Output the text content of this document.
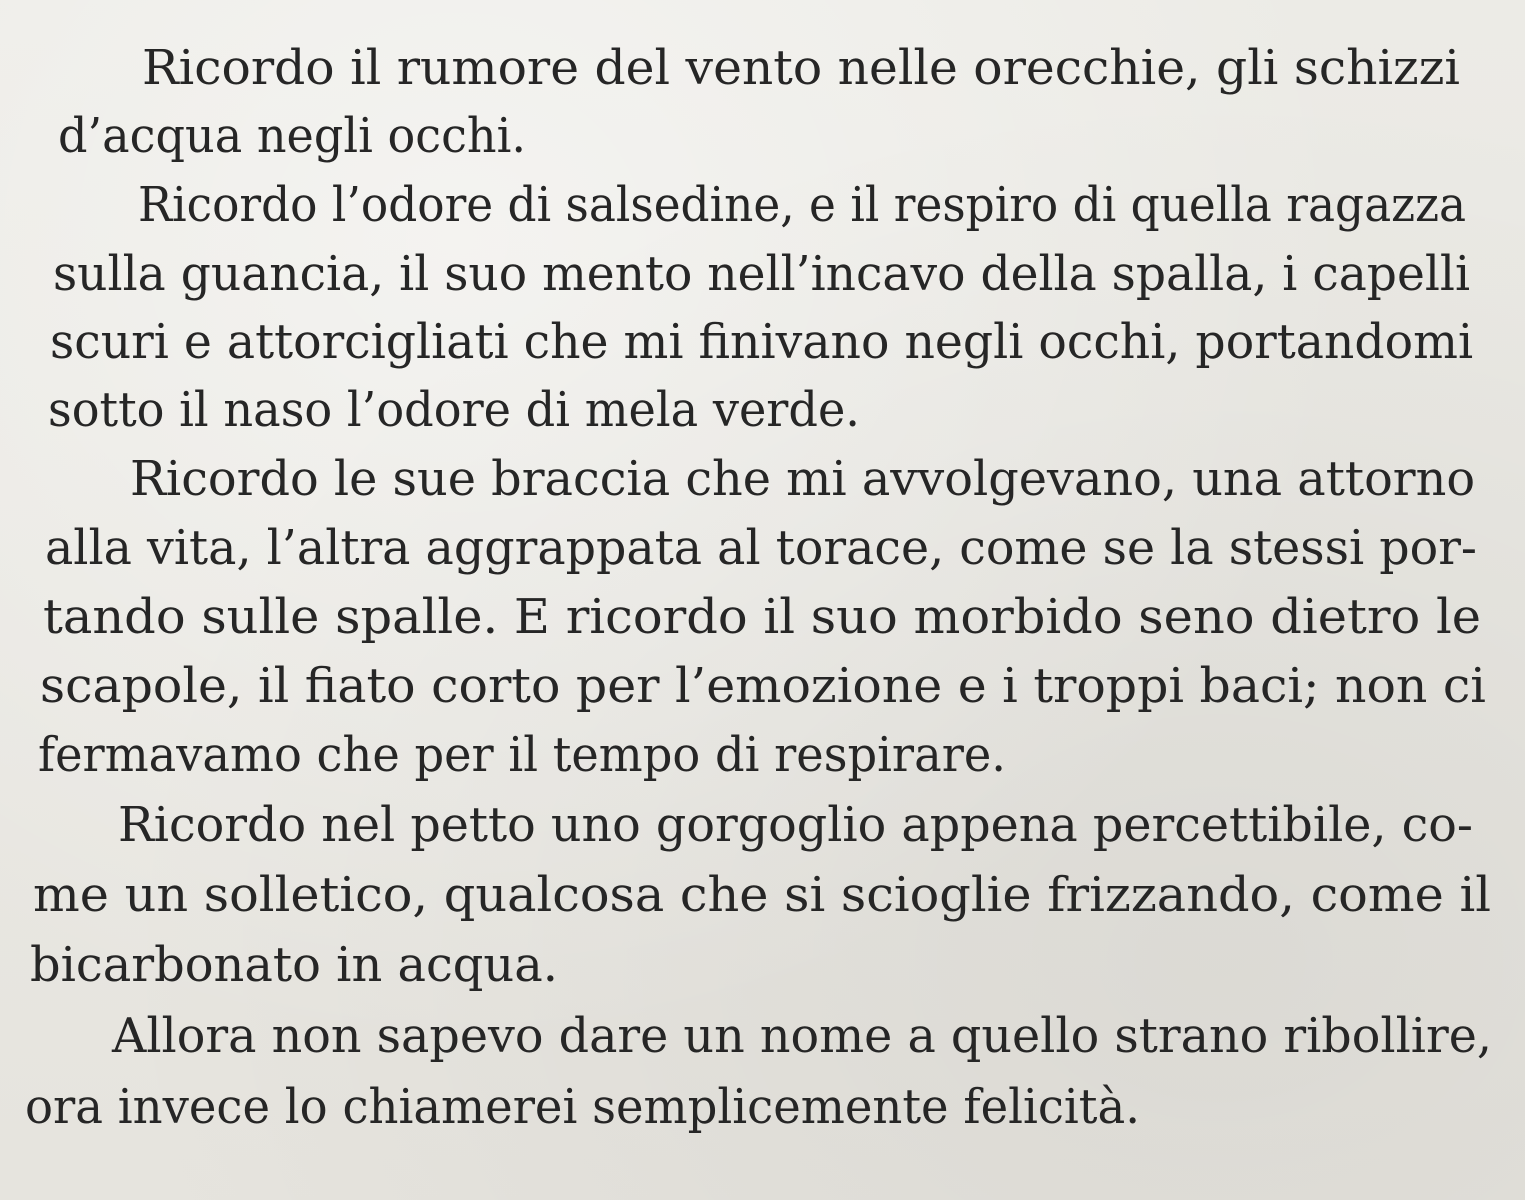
Ricordo il rumore del vento nelle orecchie, gli schizzi
d’acqua negli occhi.
Ricordo l’odore di salsedine, e il respiro di quella ragazza
sulla guancia, il suo mento nell’incavo della spalla, i capelli
scuri e attorcigliati che mi finivano negli occhi, portandomi
sotto il naso l’odore di mela verde.
Ricordo le sue braccia che mi avvolgevano, una attorno
alla vita, l’altra aggrappata al torace, come se la stessi por-
tando sulle spalle. E ricordo il suo morbido seno dietro le
scapole, il fiato corto per l’emozione e i troppi baci; non ci
fermavamo che per il tempo di respirare.
Ricordo nel petto uno gorgoglio appena percettibile, co-
me un solletico, qualcosa che si scioglie frizzando, come il
bicarbonato in acqua.
Allora non sapevo dare un nome a quello strano ribollire,
ora invece lo chiamerei semplicemente felicità.
